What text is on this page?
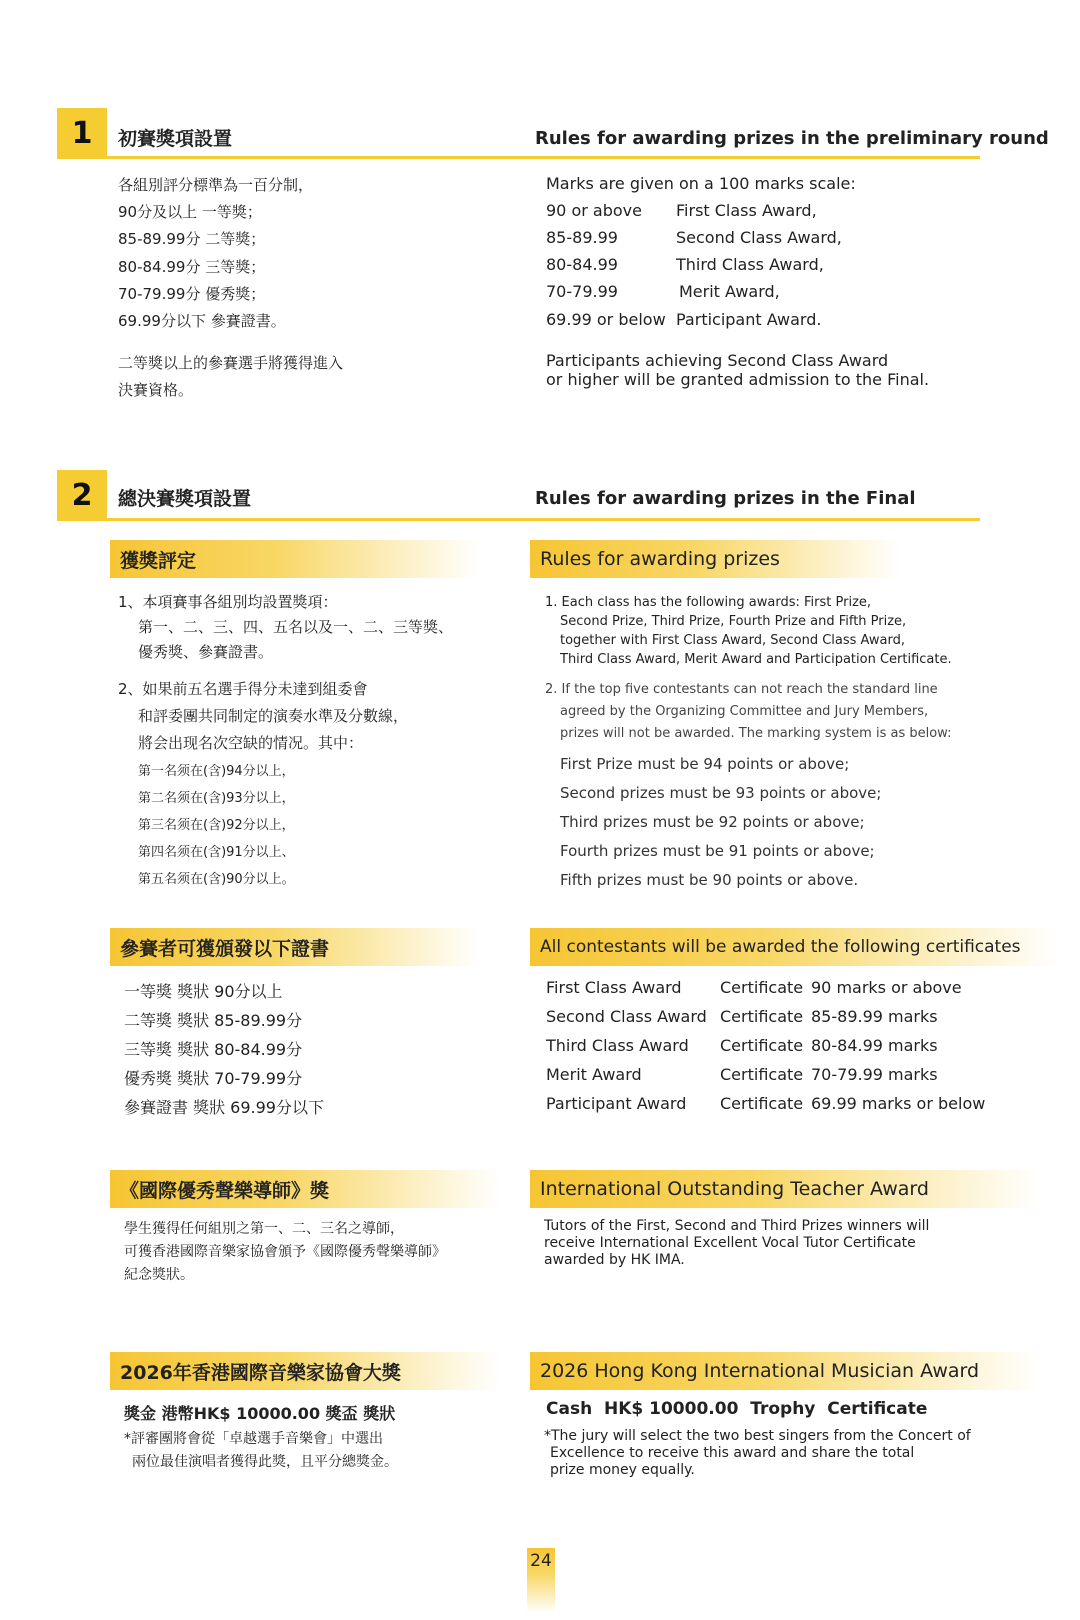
1	初賽獎項設置	Rules for awarding prizes in the preliminary round
各組別評分標準為一百分制，
90分及以上 一等獎；
85-89.99分 二等獎；
80-84.99分 三等獎；
70-79.99分 優秀獎；
69.99分以下 參賽證書。
Marks are given on a 100 marks scale:
90 or above First Class Award,
85-89.99	Second Class Award,
80-84.99	Third Class Award,
70-79.99	Merit Award,
69.99 or below Participant Award.
二等獎以上的參賽選手將獲得進入
決賽資格。
Participants achieving Second Class Award
or higher will be granted admission to the Final.
2	總決賽獎項設置	Rules for awarding prizes in the Final
獲獎評定	Rules for awarding prizes
1、本項賽事各組別均設置獎項：
第一、二、三、四、五名以及一、二、三等獎、
優秀獎、參賽證書。
2、如果前五名選手得分未達到組委會
和評委團共同制定的演奏水準及分數線，
將会出现名次空缺的情况。其中：
第一名须在(含)94分以上，
第二名须在(含)93分以上，
第三名须在(含)92分以上，
第四名须在(含)91分以上、
第五名须在(含)90分以上。
1. Each class has the following awards: First Prize,
Second Prize, Third Prize, Fourth Prize and Fifth Prize,
together with First Class Award, Second Class Award,
Third Class Award, Merit Award and Participation Certificate.
2. If the top five contestants can not reach the standard line
agreed by the Organizing Committee and Jury Members,
prizes will not be awarded. The marking system is as below:
First Prize must be 94 points or above;
Second prizes must be 93 points or above;
Third prizes must be 92 points or above;
Fourth prizes must be 91 points or above;
Fifth prizes must be 90 points or above.
參賽者可獲頒發以下證書	All contestants will be awarded the following certificates
一等獎 獎狀 90分以上
二等獎 獎狀 85-89.99分
三等獎 獎狀 80-84.99分
優秀獎 獎狀 70-79.99分
參賽證書 獎狀 69.99分以下
First Class Award Certificate 90 marks or above
Second Class Award Certificate 85-89.99 marks
Third Class Award Certificate 80-84.99 marks
Merit Award	Certificate 70-79.99 marks
Participant Award Certificate 69.99 marks or below
《國際優秀聲樂導師》獎	International Outstanding Teacher Award
學生獲得任何組別之第一、二、三名之導師，
可獲香港國際音樂家協會頒予《國際優秀聲樂導師》
紀念獎狀。
Tutors of the First, Second and Third Prizes winners will
receive International Excellent Vocal Tutor Certificate
awarded by HK IMA.
2026年香港國際音樂家協會大獎	2026 Hong Kong International Musician Award
獎金 港幣HK$ 10000.00 獎盃 獎狀
*評審團將會從「卓越選手音樂會」中選出
兩位最佳演唱者獲得此獎，且平分總獎金。
Cash  HK$ 10000.00  Trophy  Certificate
*The jury will select the two best singers from the Concert of
Excellence to receive this award and share the total
prize money equally.
24
